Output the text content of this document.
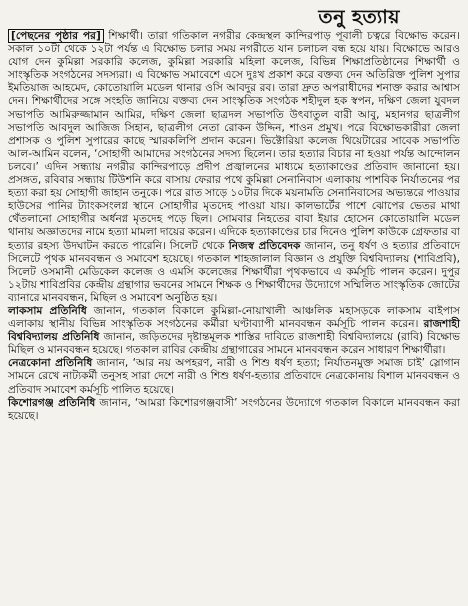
তনু হত্যায়

[পেছনের পৃষ্ঠার পর] শিক্ষার্থী। তারা গতিকাল নগরীর কেন্দ্রস্থল কান্দিরপাড় পূবালী চত্বরে বিক্ষোভ করেন। সকাল ১০টা থেকে ১২টা পর্যন্ত এ বিক্ষোভ চলার সময় নগরীতে যান চলাচল বন্ধ হয়ে যায়। বিক্ষোভে আরও যোগ দেন কুমিল্লা সরকারি কলেজ, কুমিল্লা সরকারি মহিলা কলেজ, বিভিন্ন শিক্ষাপ্রতিষ্ঠানের শিক্ষার্থী ও সাংস্কৃতিক সংগঠনের সদস্যরা। এ বিক্ষোভ সমাবেশে এসে দুঃখ প্রকাশ করে বক্তব্য দেন অতিরিক্ত পুলিশ সুপার ইমতিয়াজ আহমেদ, কোতোয়ালি মডেল থানার ওসি আবদুর রব। তারা দ্রুত অপরাধীদের শনাক্ত করার আশ্বাস দেন। শিক্ষার্থীদের সঙ্গে সংহতি জানিয়ে বক্তব্য দেন সাংস্কৃতিক সংগঠক শহীদুল হক স্বপন, দক্ষিণ জেলা যুবদল সভাপতি আমিরুজ্জামান আমির, দক্ষিণ জেলা ছাত্রদল সভাপতি উৎবাতুল বারী আবু, মহানগর ছাত্রলীগ সভাপতি আবদুল আজিজ সিহান, ছাত্রলীগ নেতা রোকন উদ্দিন, শাওন প্রমুখ। পরে বিক্ষোভকারীরা জেলা প্রশাসক ও পুলিশ সুপারের কাছে স্মারকলিপি প্রদান করেন। ভিক্টোরিয়া কলেজ থিয়েটারের সাবেক সভাপতি আল-আমিন বলেন, ‘সোহাগী আমাদের সংগঠনের সদস্য ছিলেন। তার হত্যার বিচার না হওয়া পর্যন্ত আন্দোলন চলবে।’ এদিন সন্ধ্যায় নগরীর কান্দিরপাড়ে প্রদীপ প্রজ্বালনের মাধ্যমে হত্যাকাণ্ডের প্রতিবাদ জানানো হয়। প্রসঙ্গত, রবিবার সন্ধ্যায় টিউশনি করে বাসায় ফেরার পথে কুমিল্লা সেনানিবাস এলাকায় পাশবিক নির্যাতনের পর হত্যা করা হয় সোহাগী জাহান তনুকে। পরে রাত সাড়ে ১০টার দিকে ময়নামতি সেনানিবাসের অভ্যন্তরে পাওয়ার হাউসের পানির ট্যাংকসংলগ্ন স্থানে সোহাগীর মৃতদেহ পাওয়া যায়। কালভার্টের পাশে ঝোপের ভেতর মাথা থেঁতলানো সোহাগীর অর্ধনগ্ন মৃতদেহ পড়ে ছিল। সোমবার নিহতের বাবা ইয়ার হোসেন কোতোয়ালি মডেল থানায় অজ্ঞাতদের নামে হত্যা মামলা দায়ের করেন। এদিকে হত্যাকাণ্ডের চার দিনেও পুলিশ কাউকে গ্রেফতার বা হত্যার রহস্য উদঘাটন করতে পারেনি। সিলেট থেকে নিজস্ব প্রতিবেদক জানান, তনু ধর্ষণ ও হত্যার প্রতিবাদে সিলেটে পৃথক মানববন্ধন ও সমাবেশ হয়েছে। গতকাল শাহজালাল বিজ্ঞান ও প্রযুক্তি বিশ্ববিদ্যালয় (শাবিপ্রবি), সিলেট ওসমানী মেডিকেল কলেজ ও এমসি কলেজের শিক্ষার্থীরা পৃথকভাবে এ কর্মসূচি পালন করেন। দুপুর ১২টায় শাবিপ্রবির কেন্দ্রীয় গ্রন্থাগার ভবনের সামনে শিক্ষক ও শিক্ষার্থীদের উদ্যোগে সম্মিলিত সাংস্কৃতিক জোটের ব্যানারে মানববন্ধন, মিছিল ও সমাবেশ অনুষ্ঠিত হয়।

লাকসাম প্রতিনিধি জানান, গতকাল বিকালে কুমিল্লা-নোয়াখালী আঞ্চলিক মহাসড়কে লাকসাম বাইপাস এলাকায় স্থানীয় বিভিন্ন সাংস্কৃতিক সংগঠনের কর্মীরা ঘণ্টাব্যাপী মানববন্ধন কর্মসূচি পালন করেন। রাজশাহী বিশ্ববিদ্যালয় প্রতিনিধি জানান, জড়িতদের দৃষ্টান্তমূলক শাস্তির দাবিতে রাজশাহী বিশ্ববিদ্যালয়ে (রাবি) বিক্ষোভ মিছিল ও মানববন্ধন হয়েছে। গতকাল রাবির কেন্দ্রীয় গ্রন্থাগারের সামনে মানববন্ধন করেন সাধারণ শিক্ষার্থীরা।

নেত্রকোনা প্রতিনিধি জানান, ‘আর নয় অপহরণ, নারী ও শিশু ধর্ষণ হত্যা; নির্যাতনমুক্ত সমাজ চাই’ স্লোগান সামনে রেখে নাট্যকর্মী তনুসহ সারা দেশে নারী ও শিশু ধর্ষণ-হত্যার প্রতিবাদে নেত্রকোনায় বিশাল মানববন্ধন ও প্রতিবাদ সমাবেশ কর্মসূচি পালিত হয়েছে।

কিশোরগঞ্জ প্রতিনিধি জানান, ‘আমরা কিশোরগঞ্জবাসী’ সংগঠনের উদ্যোগে গতকাল বিকালে মানববন্ধন করা হয়েছে।
